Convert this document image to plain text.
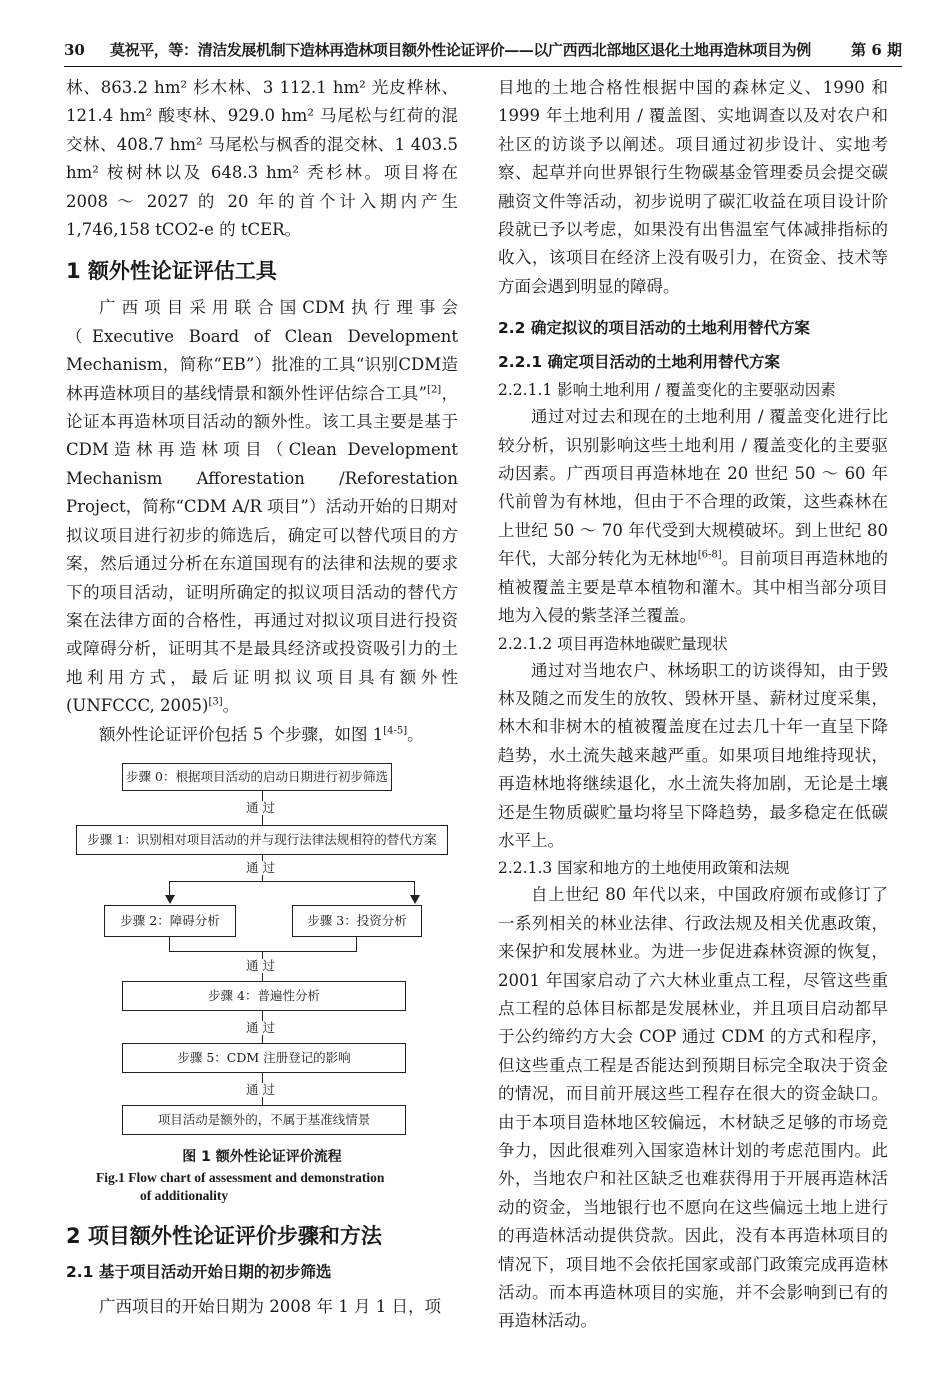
30 莫祝平，等：清洁发展机制下造林再造林项目额外性论证评价——以广西西北部地区退化土地再造林项目为例	第 6 期

林、863.2 hm² 杉木林、3 112.1 hm² 光皮桦林、121.4 hm² 酸枣林、929.0 hm² 马尾松与红荷的混交林、408.7 hm² 马尾松与枫香的混交林、1 403.5 hm² 桉树林以及 648.3 hm² 秃杉林。项目将在 2008 ～ 2027 的 20 年的首个计入期内产生 1,746,158 tCO2-e 的 tCER。

1 额外性论证评估工具

广西项目采用联合国CDM执行理事会（Executive Board of Clean Development Mechanism，简称“EB”）批准的工具“识别CDM造林再造林项目的基线情景和额外性评估综合工具”[2]，论证本再造林项目活动的额外性。该工具主要是基于CDM造林再造林项目（Clean Development Mechanism Afforestation /Reforestation Project，简称“CDM A/R 项目”）活动开始的日期对拟议项目进行初步的筛选后，确定可以替代项目的方案，然后通过分析在东道国现有的法律和法规的要求下的项目活动，证明所确定的拟议项目活动的替代方案在法律方面的合格性，再通过对拟议项目进行投资或障碍分析，证明其不是最具经济或投资吸引力的土地利用方式，最后证明拟议项目具有额外性 (UNFCCC, 2005)[3]。

额外性论证评价包括 5 个步骤，如图 1[4-5]。

步骤 0：根据项目活动的启动日期进行初步筛选
通 过
步骤 1：识别相对项目活动的并与现行法律法规相符的替代方案
通 过
步骤 2：障碍分析	步骤 3：投资分析
通 过
步骤 4：普遍性分析
通 过
步骤 5：CDM 注册登记的影响
通 过
项目活动是额外的，不属于基准线情景
图 1 额外性论证评价流程
Fig.1 Flow chart of assessment and demonstration
of additionality
2 项目额外性论证评价步骤和方法
2.1 基于项目活动开始日期的初步筛选

广西项目的开始日期为 2008 年 1 月 1 日，项

目地的土地合格性根据中国的森林定义、1990 和 1999 年土地利用 / 覆盖图、实地调查以及对农户和社区的访谈予以阐述。项目通过初步设计、实地考察、起草并向世界银行生物碳基金管理委员会提交碳融资文件等活动，初步说明了碳汇收益在项目设计阶段就已予以考虑，如果没有出售温室气体减排指标的收入，该项目在经济上没有吸引力，在资金、技术等方面会遇到明显的障碍。

2.2 确定拟议的项目活动的土地利用替代方案
2.2.1 确定项目活动的土地利用替代方案
2.2.1.1 影响土地利用 / 覆盖变化的主要驱动因素

通过对过去和现在的土地利用 / 覆盖变化进行比较分析，识别影响这些土地利用 / 覆盖变化的主要驱动因素。广西项目再造林地在 20 世纪 50 ～ 60 年代前曾为有林地，但由于不合理的政策，这些森林在上世纪 50 ～ 70 年代受到大规模破坏。到上世纪 80 年代，大部分转化为无林地[6-8]。目前项目再造林地的植被覆盖主要是草本植物和灌木。其中相当部分项目地为入侵的紫茎泽兰覆盖。

2.2.1.2 项目再造林地碳贮量现状

通过对当地农户、林场职工的访谈得知，由于毁林及随之而发生的放牧、毁林开垦、薪材过度采集，林木和非树木的植被覆盖度在过去几十年一直呈下降趋势，水土流失越来越严重。如果项目地维持现状，再造林地将继续退化，水土流失将加剧，无论是土壤还是生物质碳贮量均将呈下降趋势，最多稳定在低碳水平上。

2.2.1.3 国家和地方的土地使用政策和法规

自上世纪 80 年代以来，中国政府颁布或修订了一系列相关的林业法律、行政法规及相关优惠政策，来保护和发展林业。为进一步促进森林资源的恢复，2001 年国家启动了六大林业重点工程，尽管这些重点工程的总体目标都是发展林业，并且项目启动都早于公约缔约方大会 COP 通过 CDM 的方式和程序，但这些重点工程是否能达到预期目标完全取决于资金的情况，而目前开展这些工程存在很大的资金缺口。由于本项目造林地区较偏远，木材缺乏足够的市场竞争力，因此很难列入国家造林计划的考虑范围内。此外，当地农户和社区缺乏也难获得用于开展再造林活动的资金，当地银行也不愿向在这些偏远土地上进行的再造林活动提供贷款。因此，没有本再造林项目的情况下，项目地不会依托国家或部门政策完成再造林活动。而本再造林项目的实施，并不会影响到已有的再造林活动。
